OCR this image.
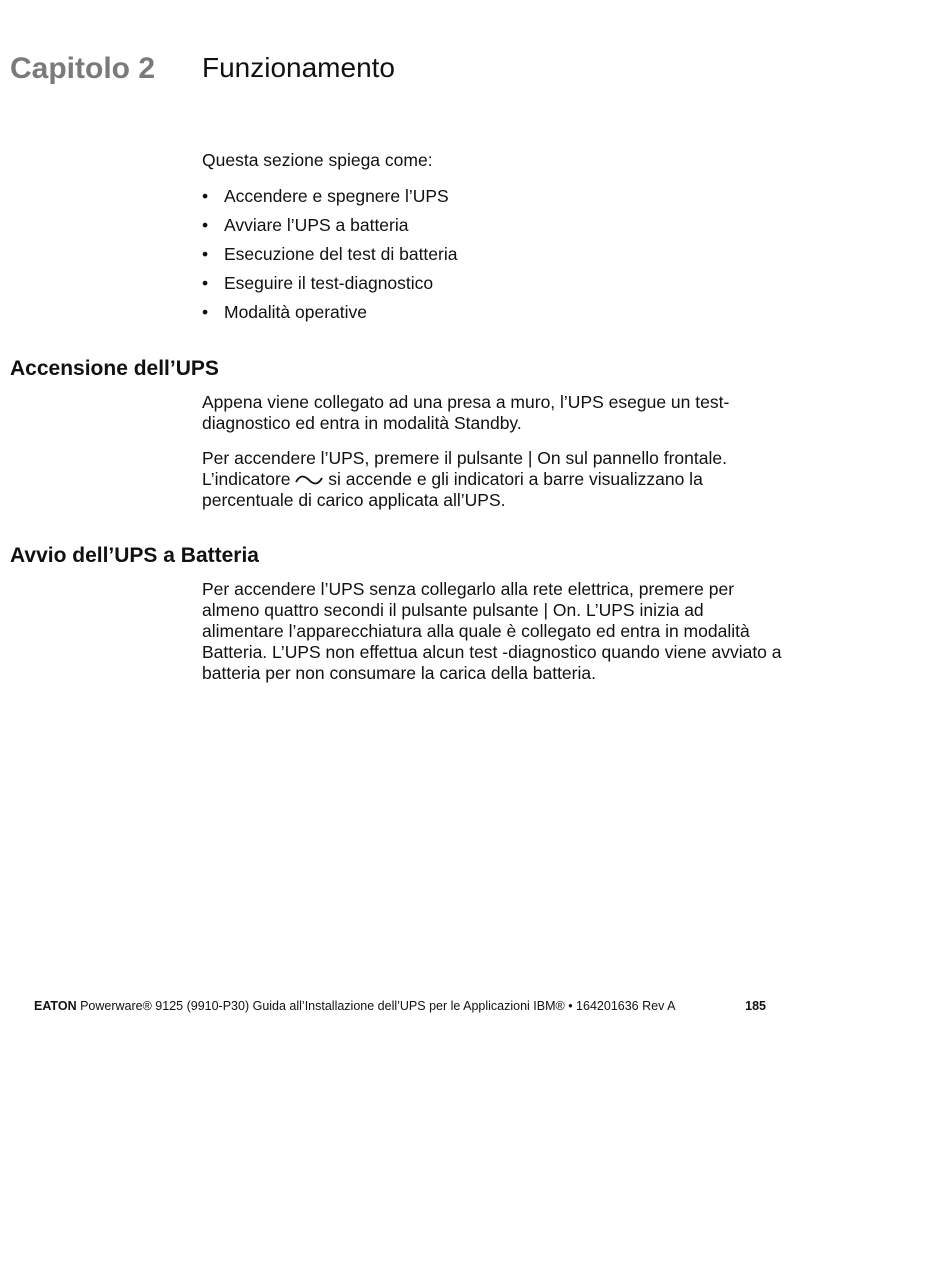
Capitolo 2 Funzionamento
Questa sezione spiega come:
• Accendere e spegnere l’UPS
• Avviare l’UPS a batteria
• Esecuzione del test di batteria
• Eseguire il test-diagnostico
• Modalità operative
Accensione dell’UPS

Appena viene collegato ad una presa a muro, l’UPS esegue un test-diagnostico ed entra in modalità Standby.

Per accendere l’UPS, premere il pulsante | On sul pannello frontale. L’indicatore si accende e gli indicatori a barre visualizzano la percentuale di carico applicata all’UPS.

Avvio dell’UPS a Batteria

Per accendere l’UPS senza collegarlo alla rete elettrica, premere per almeno quattro secondi il pulsante pulsante | On. L’UPS inizia ad alimentare l’apparecchiatura alla quale è collegato ed entra in modalità Batteria. L’UPS non effettua alcun test -diagnostico quando viene avviato a batteria per non consumare la carica della batteria.

EATON Powerware® 9125 (9910-P30) Guida all’Installazione dell’UPS per le Applicazioni IBM® • 164201636 Rev A	185
